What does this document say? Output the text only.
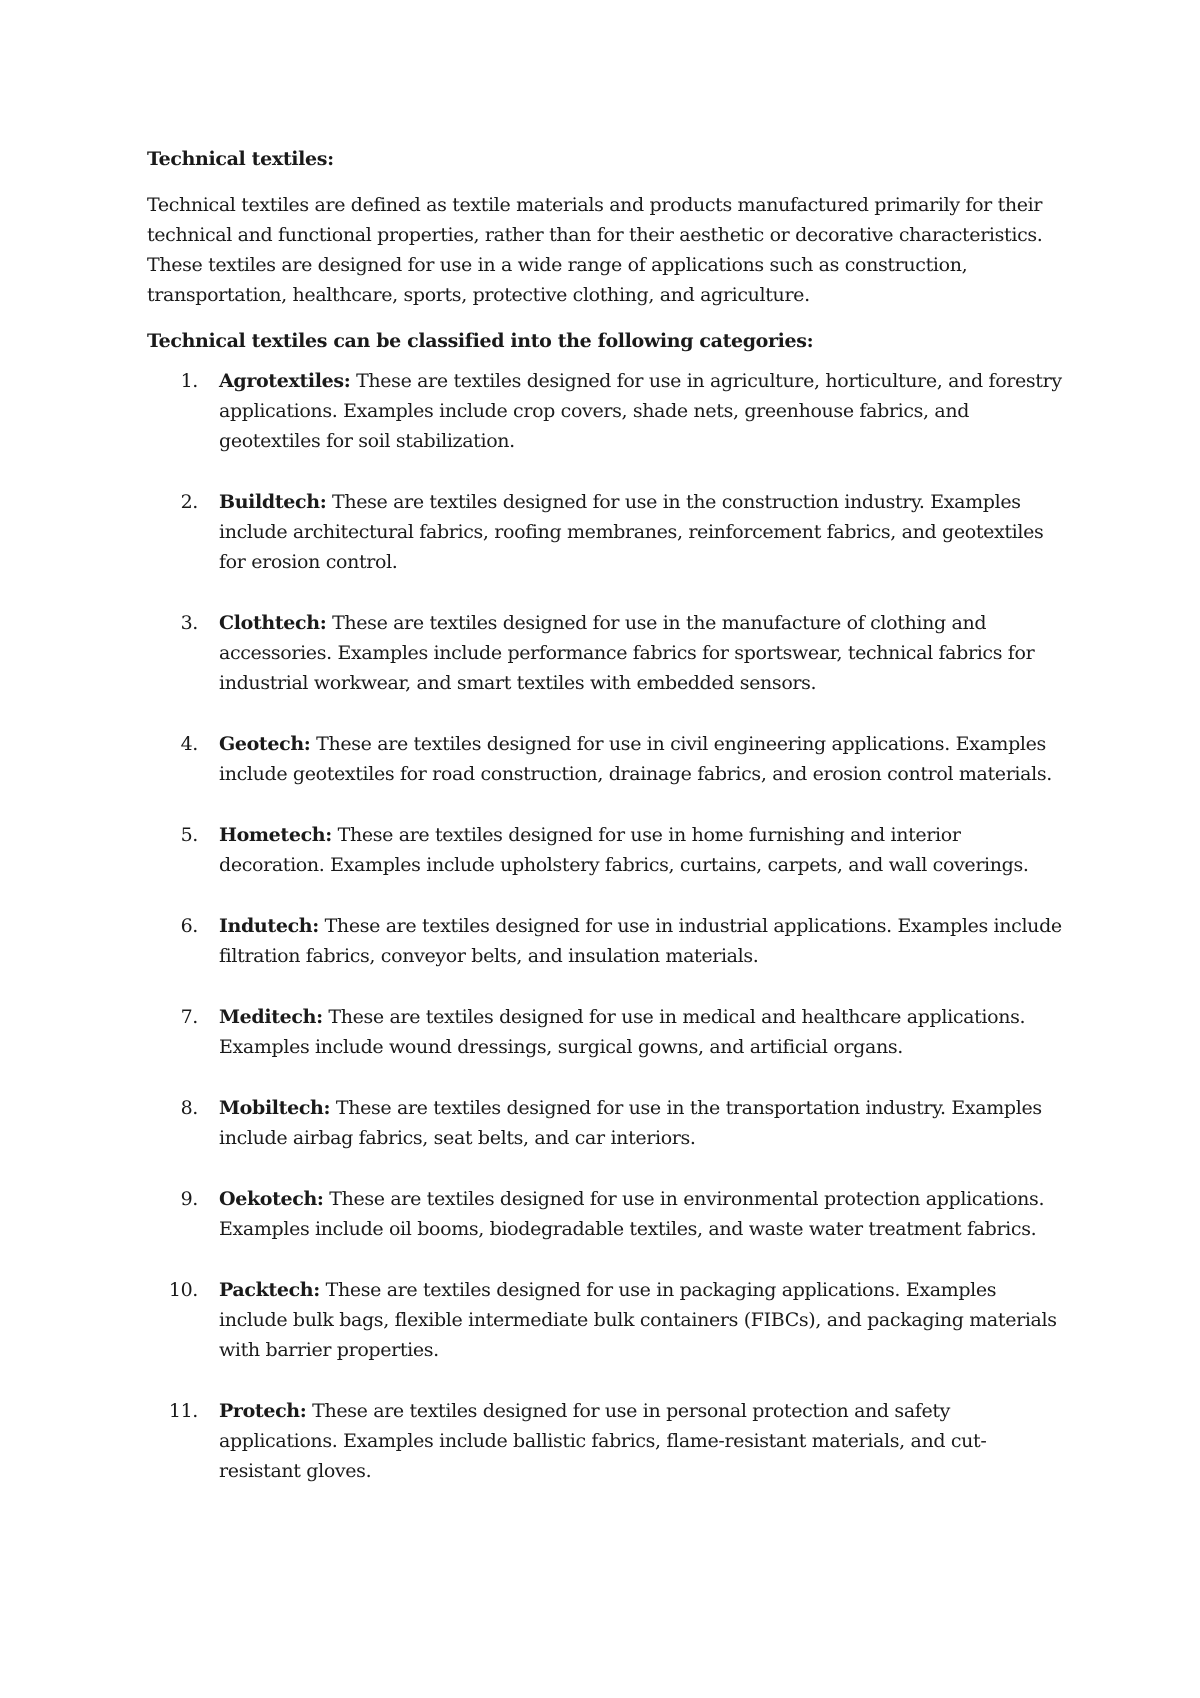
Technical textiles:

Technical textiles are defined as textile materials and products manufactured primarily for their technical and functional properties, rather than for their aesthetic or decorative characteristics. These textiles are designed for use in a wide range of applications such as construction, transportation, healthcare, sports, protective clothing, and agriculture.

Technical textiles can be classified into the following categories:

1. Agrotextiles: These are textiles designed for use in agriculture, horticulture, and forestry applications. Examples include crop covers, shade nets, greenhouse fabrics, and geotextiles for soil stabilization.
2. Buildtech: These are textiles designed for use in the construction industry. Examples include architectural fabrics, roofing membranes, reinforcement fabrics, and geotextiles for erosion control.
3. Clothtech: These are textiles designed for use in the manufacture of clothing and accessories. Examples include performance fabrics for sportswear, technical fabrics for industrial workwear, and smart textiles with embedded sensors.
4. Geotech: These are textiles designed for use in civil engineering applications. Examples include geotextiles for road construction, drainage fabrics, and erosion control materials.
5. Hometech: These are textiles designed for use in home furnishing and interior decoration. Examples include upholstery fabrics, curtains, carpets, and wall coverings.
6. Indutech: These are textiles designed for use in industrial applications. Examples include filtration fabrics, conveyor belts, and insulation materials.
7. Meditech: These are textiles designed for use in medical and healthcare applications. Examples include wound dressings, surgical gowns, and artificial organs.
8. Mobiltech: These are textiles designed for use in the transportation industry. Examples include airbag fabrics, seat belts, and car interiors.
9. Oekotech: These are textiles designed for use in environmental protection applications. Examples include oil booms, biodegradable textiles, and waste water treatment fabrics.
10. Packtech: These are textiles designed for use in packaging applications. Examples include bulk bags, flexible intermediate bulk containers (FIBCs), and packaging materials with barrier properties.
11. Protech: These are textiles designed for use in personal protection and safety applications. Examples include ballistic fabrics, flame-resistant materials, and cut-resistant gloves.
